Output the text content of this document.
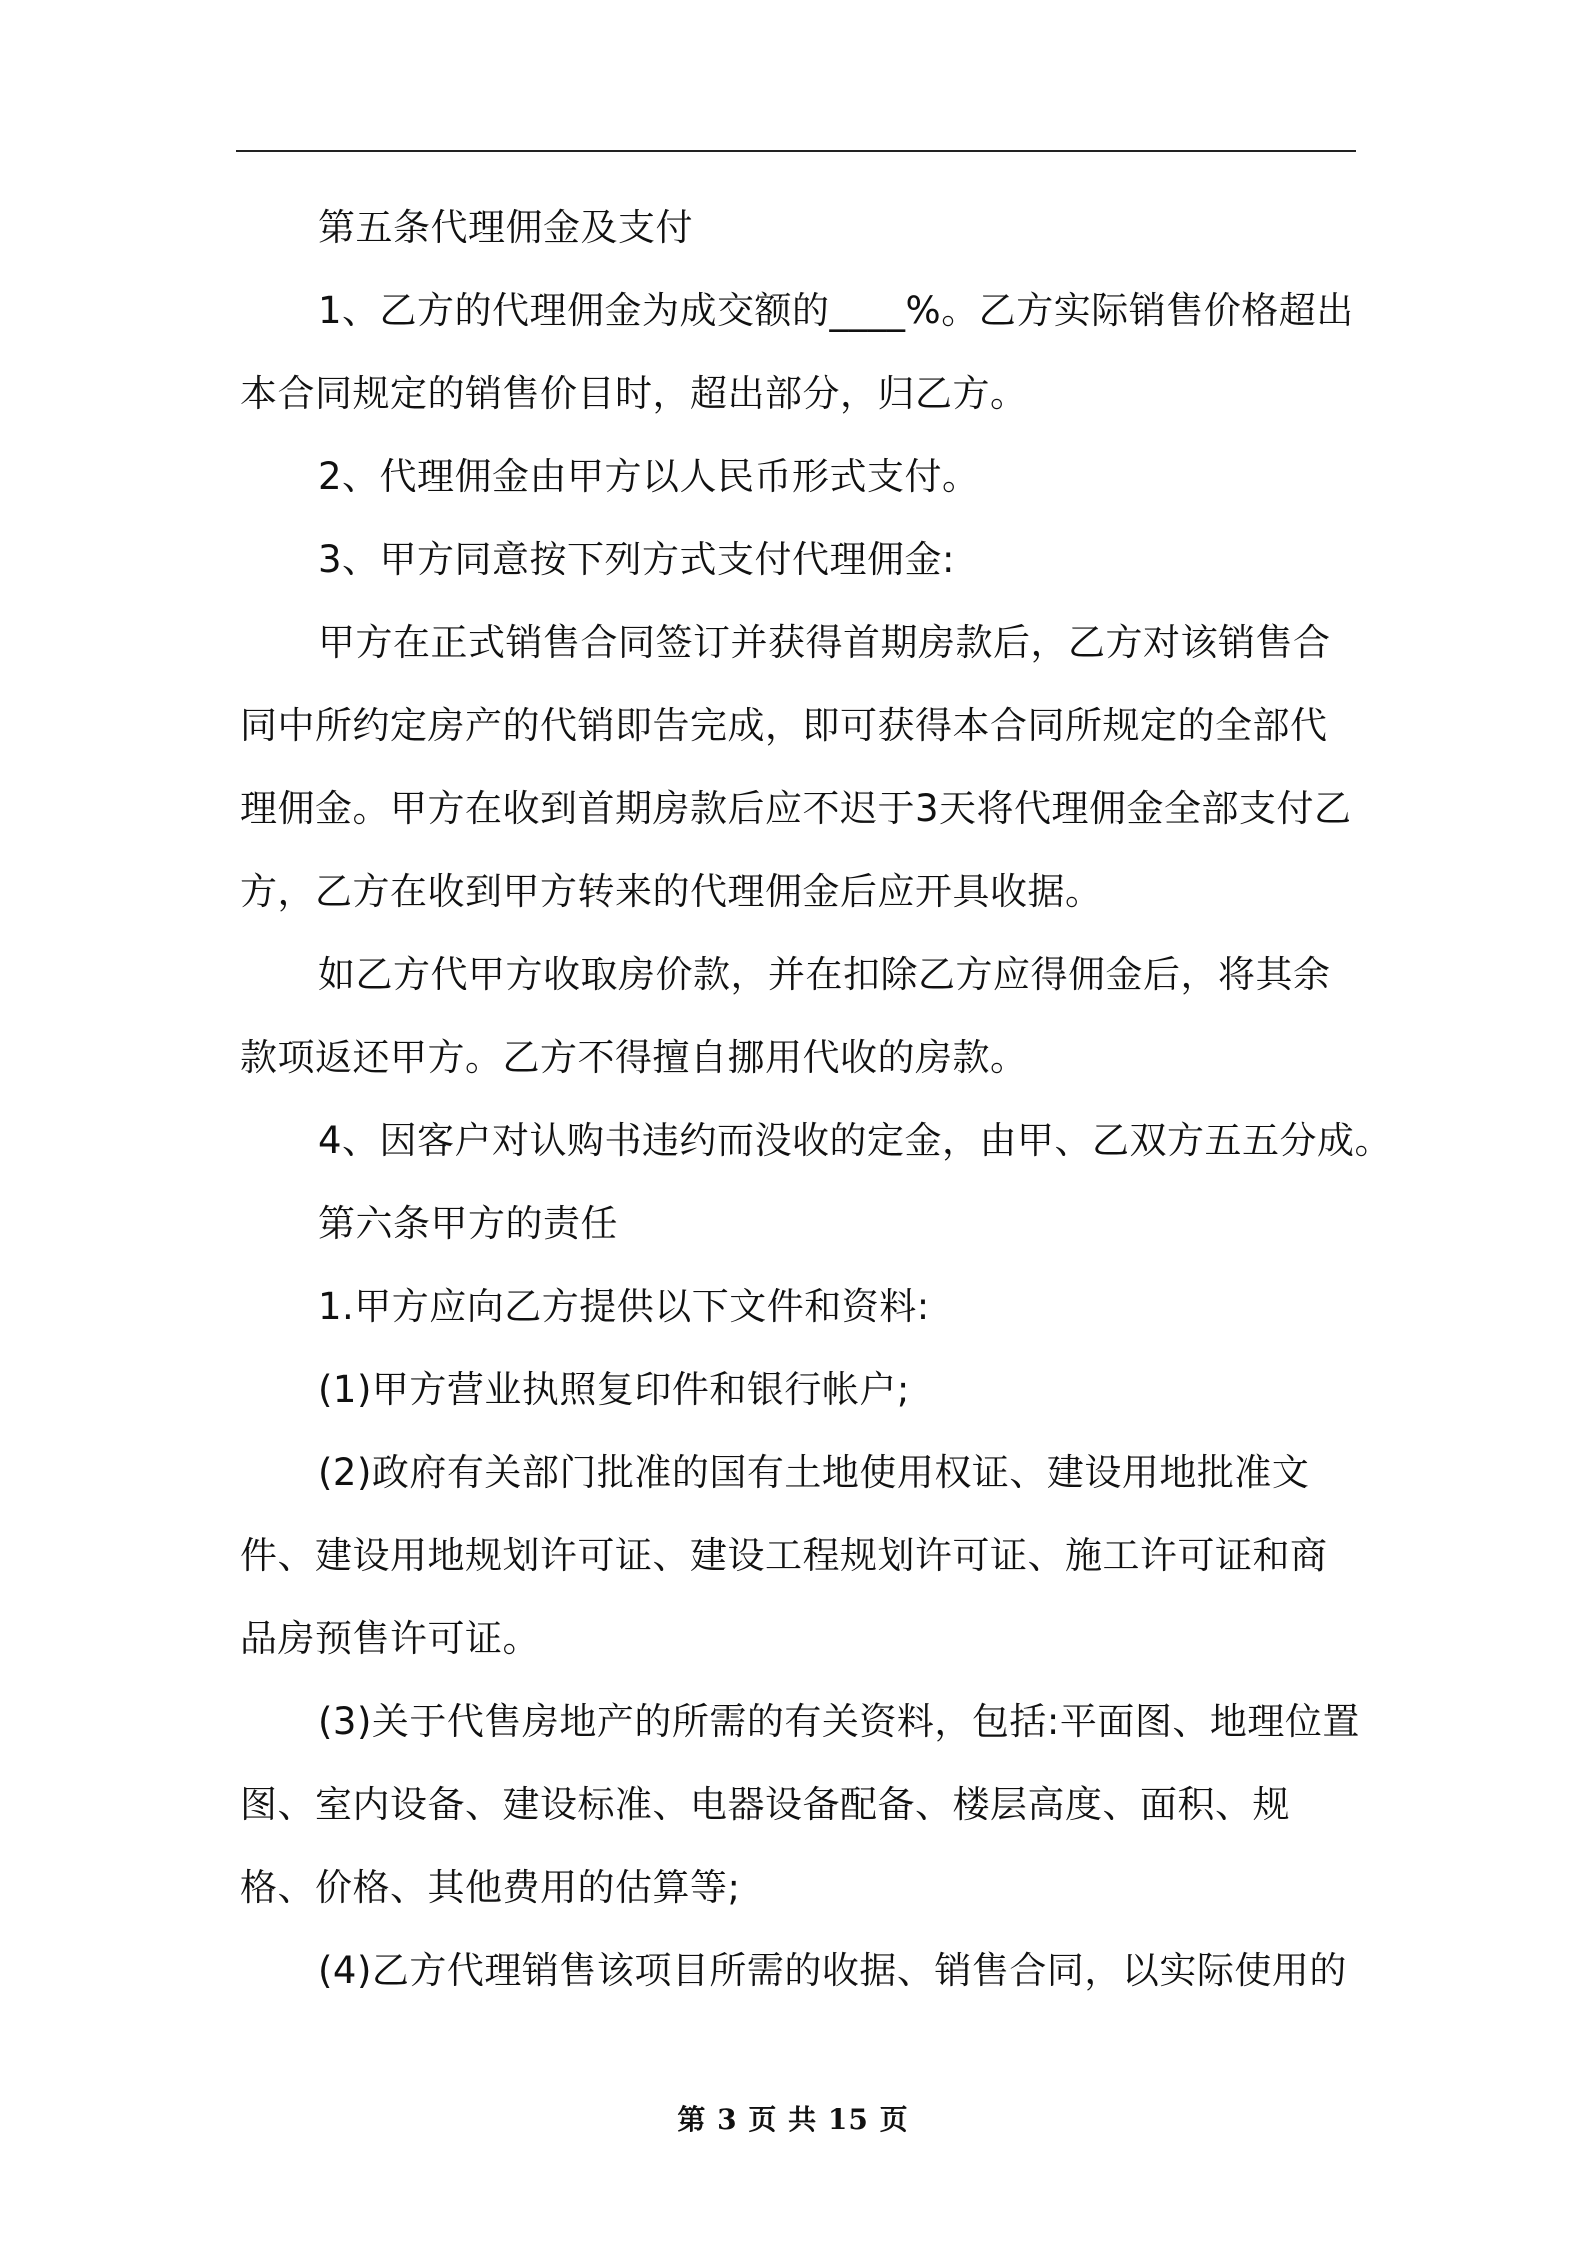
第五条代理佣金及支付

1、乙方的代理佣金为成交额的____%。乙方实际销售价格超出本合同规定的销售价目时，超出部分，归乙方。

2、代理佣金由甲方以人民币形式支付。

3、甲方同意按下列方式支付代理佣金:

甲方在正式销售合同签订并获得首期房款后，乙方对该销售合同中所约定房产的代销即告完成，即可获得本合同所规定的全部代理佣金。甲方在收到首期房款后应不迟于3天将代理佣金全部支付乙方，乙方在收到甲方转来的代理佣金后应开具收据。

如乙方代甲方收取房价款，并在扣除乙方应得佣金后，将其余款项返还甲方。乙方不得擅自挪用代收的房款。

4、因客户对认购书违约而没收的定金，由甲、乙双方五五分成。

第六条甲方的责任

1.甲方应向乙方提供以下文件和资料:

(1)甲方营业执照复印件和银行帐户;

(2)政府有关部门批准的国有土地使用权证、建设用地批准文件、建设用地规划许可证、建设工程规划许可证、施工许可证和商品房预售许可证。

(3)关于代售房地产的所需的有关资料，包括:平面图、地理位置图、室内设备、建设标准、电器设备配备、楼层高度、面积、规格、价格、其他费用的估算等;

(4)乙方代理销售该项目所需的收据、销售合同，以实际使用的

第 3 页 共 15 页
